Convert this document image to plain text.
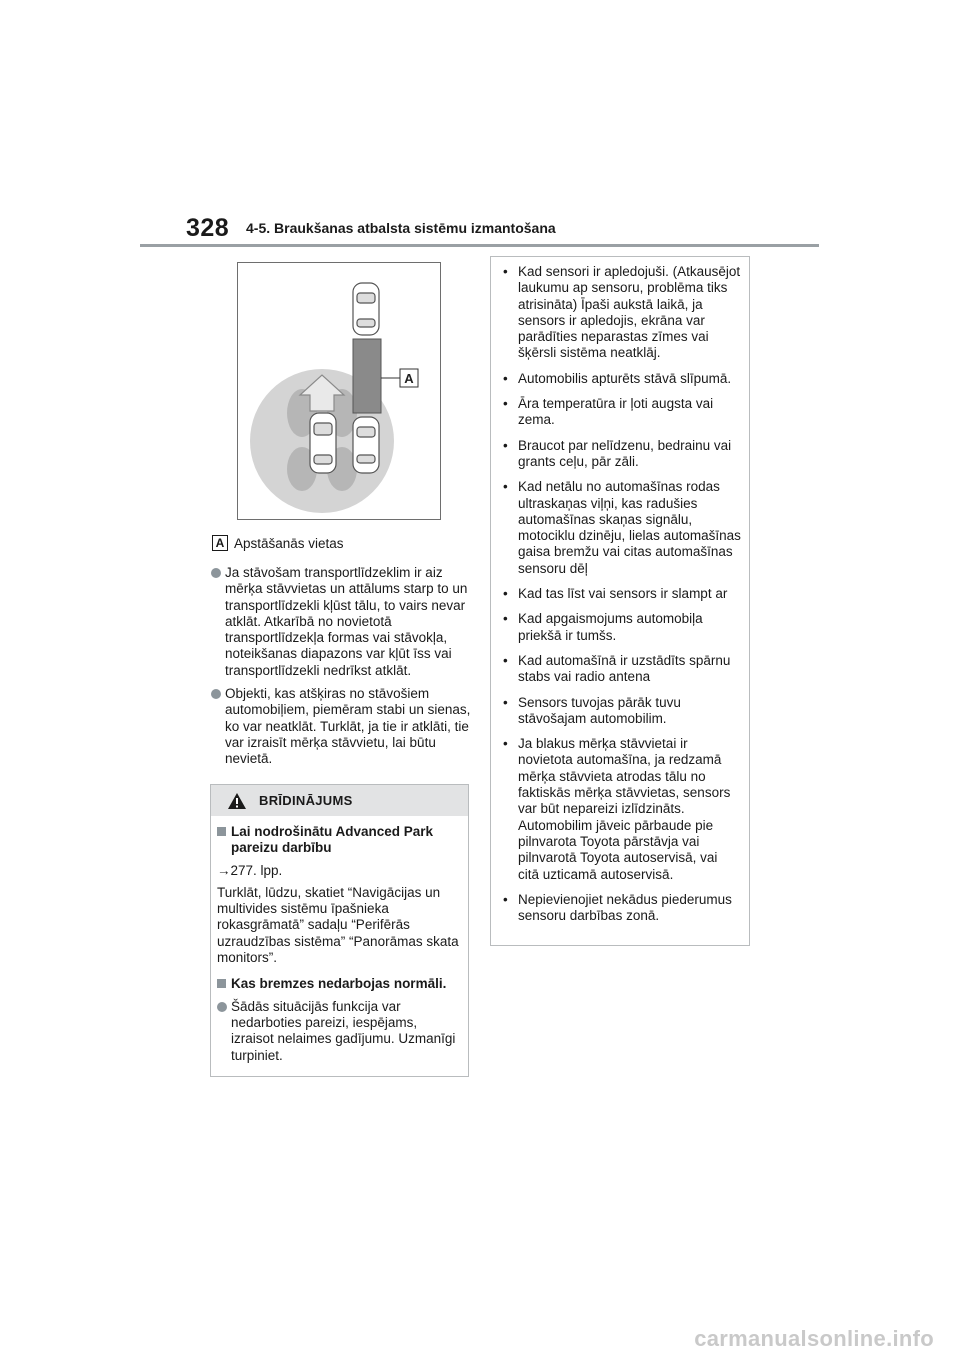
328 4-5. Braukšanas atbalsta sistēmu izmantošana
A
A Apstāšanās vietas
Ja stāvošam transportlīdzeklim ir aiz mērķa stāvvietas un attālums starp to un transportlīdzekli kļūst tālu, to vairs nevar atklāt. Atkarībā no novietotā transportlīdzekļa formas vai stāvokļa, noteikšanas diapazons var kļūt īss vai transportlīdzekli nedrīkst atklāt.
Objekti, kas atšķiras no stāvošiem automobiļiem, piemēram stabi un sienas, ko var neatklāt. Turklāt, ja tie ir atklāti, tie var izraisīt mērķa stāvvietu, lai būtu nevietā.
BRĪDINĀJUMS
Lai nodrošinātu Advanced Park pareizu darbību
→277. lpp.
Turklāt, lūdzu, skatiet “Navigācijas un multivides sistēmu īpašnieka rokasgrāmatā” sadaļu “Perifērās uzraudzības sistēma” “Panorāmas skata monitors”.
Kas bremzes nedarbojas normāli.
Šādās situācijās funkcija var nedarboties pareizi, iespējams, izraisot nelaimes gadījumu. Uzmanīgi turpiniet.
• Kad sensori ir apledojuši. (Atkausējot laukumu ap sensoru, problēma tiks atrisināta) Īpaši aukstā laikā, ja sensors ir apledojis, ekrāna var parādīties neparastas zīmes vai šķērsli sistēma neatklāj.
• Automobilis apturēts stāvā slīpumā.
• Āra temperatūra ir ļoti augsta vai zema.
• Braucot par nelīdzenu, bedrainu vai grants ceļu, pār zāli.
• Kad netālu no automašīnas rodas ultraskaņas viļņi, kas radušies automašīnas skaņas signālu, motociklu dzinēju, lielas automašīnas gaisa bremžu vai citas automašīnas sensoru dēļ
• Kad tas līst vai sensors ir slampt ar
• Kad apgaismojums automobiļa priekšā ir tumšs.
• Kad automašīnā ir uzstādīts spārnu stabs vai radio antena
• Sensors tuvojas pārāk tuvu stāvošajam automobilim.
• Ja blakus mērķa stāvvietai ir novietota automašīna, ja redzamā mērķa stāvvieta atrodas tālu no faktiskās mērķa stāvvietas, sensors var būt nepareizi izlīdzināts. Automobilim jāveic pārbaude pie pilnvarota Toyota pārstāvja vai pilnvarotā Toyota autoservisā, vai citā uzticamā autoservisā.
• Nepievienojiet nekādus piederumus sensoru darbības zonā.
carmanualsonline.info
